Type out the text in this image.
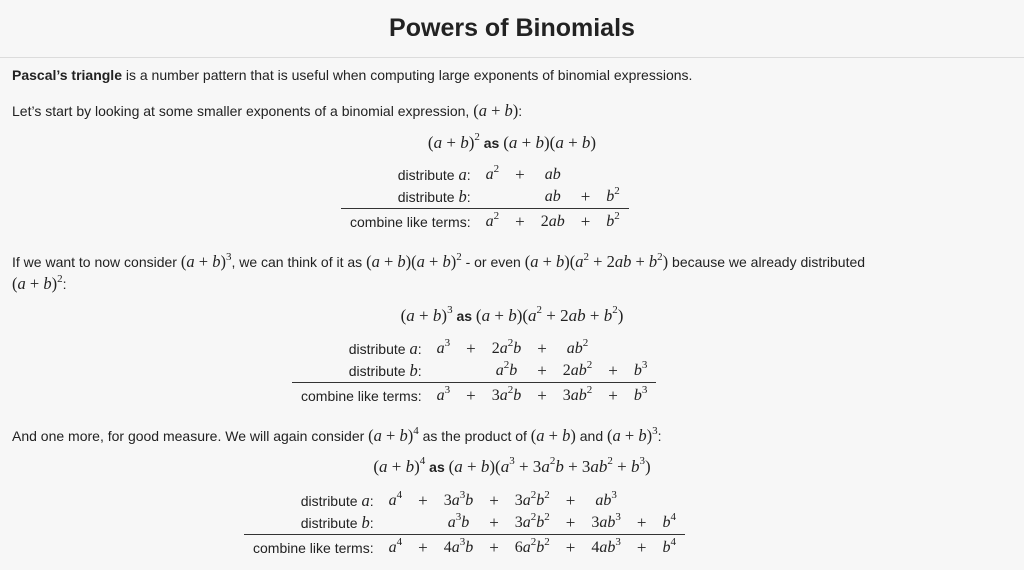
Powers of Binomials
Pascal’s triangle is a number pattern that is useful when computing large exponents of binomial expressions.
Let’s start by looking at some smaller exponents of a binomial expression, (a + b):
$(a + b)^2$ as (a + b)(a + b)
distribute a:	$a^2$	+	ab		
distribute b:			ab	+	$b^2$
combine like terms:	$a^2$	+	2ab	+	$b^2$
If we want to now consider $(a + b)^3$, we can think of it as $(a + b)(a + b)^2$ - or even $(a + b)(a^2 + 2ab + b^2)$ because we already distributed
$(a + b)^2$:
$(a + b)^3$ as $(a + b)(a^2 + 2ab + b^2)$
distribute a:	$a^3$	+	$2a^2b$	+	$ab^2$		
distribute b:			$a^2b$	+	$2ab^2$	+	$b^3$
combine like terms:	$a^3$	+	$3a^2b$	+	$3ab^2$	+	$b^3$
And one more, for good measure. We will again consider $(a + b)^4$ as the product of (a + b) and $(a + b)^3$:
$(a + b)^4$ as $(a + b)(a^3 + 3a^2b + 3ab^2 + b^3)$
distribute a:	$a^4$	+	$3a^3b$	+	$3a^2b^2$	+	$ab^3$		
distribute b:			$a^3b$	+	$3a^2b^2$	+	$3ab^3$	+	$b^4$
combine like terms:	$a^4$	+	$4a^3b$	+	$6a^2b^2$	+	$4ab^3$	+	$b^4$
